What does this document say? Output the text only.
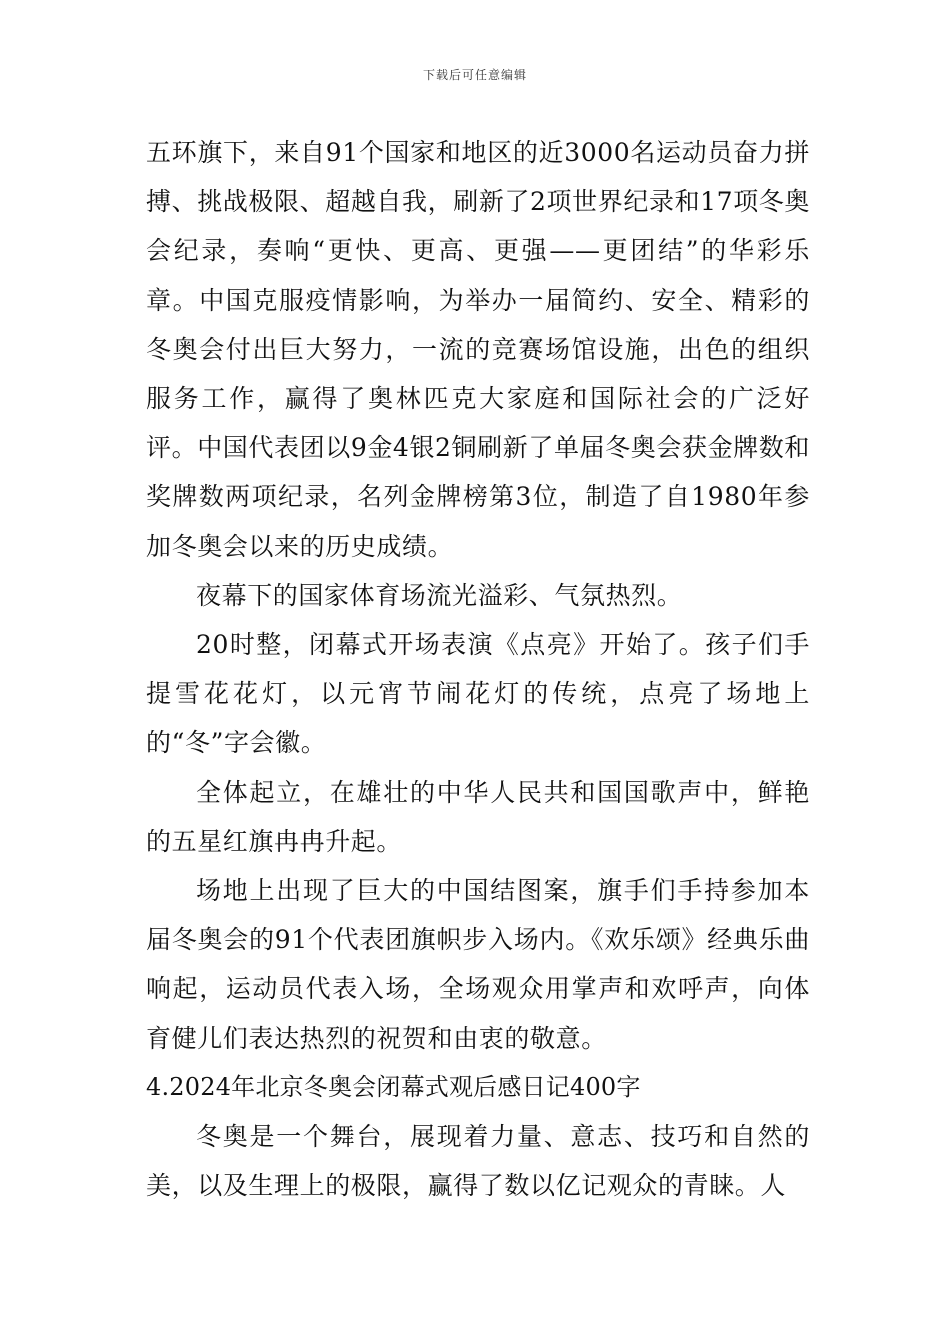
下载后可任意编辑

五环旗下，来自91个国家和地区的近3000名运动员奋力拼搏、挑战极限、超越自我，刷新了2项世界纪录和17项冬奥会纪录，奏响“更快、更高、更强——更团结”的华彩乐章。中国克服疫情影响，为举办一届简约、安全、精彩的冬奥会付出巨大努力，一流的竞赛场馆设施，出色的组织服务工作，赢得了奥林匹克大家庭和国际社会的广泛好评。中国代表团以9金4银2铜刷新了单届冬奥会获金牌数和奖牌数两项纪录，名列金牌榜第3位，制造了自1980年参加冬奥会以来的历史成绩。

夜幕下的国家体育场流光溢彩、气氛热烈。

20时整，闭幕式开场表演《点亮》开始了。孩子们手提雪花花灯，以元宵节闹花灯的传统，点亮了场地上的“冬”字会徽。

全体起立，在雄壮的中华人民共和国国歌声中，鲜艳的五星红旗冉冉升起。

场地上出现了巨大的中国结图案，旗手们手持参加本届冬奥会的91个代表团旗帜步入场内。《欢乐颂》经典乐曲响起，运动员代表入场，全场观众用掌声和欢呼声，向体育健儿们表达热烈的祝贺和由衷的敬意。

4.2024年北京冬奥会闭幕式观后感日记400字

冬奥是一个舞台，展现着力量、意志、技巧和自然的美，以及生理上的极限，赢得了数以亿记观众的青睐。人
